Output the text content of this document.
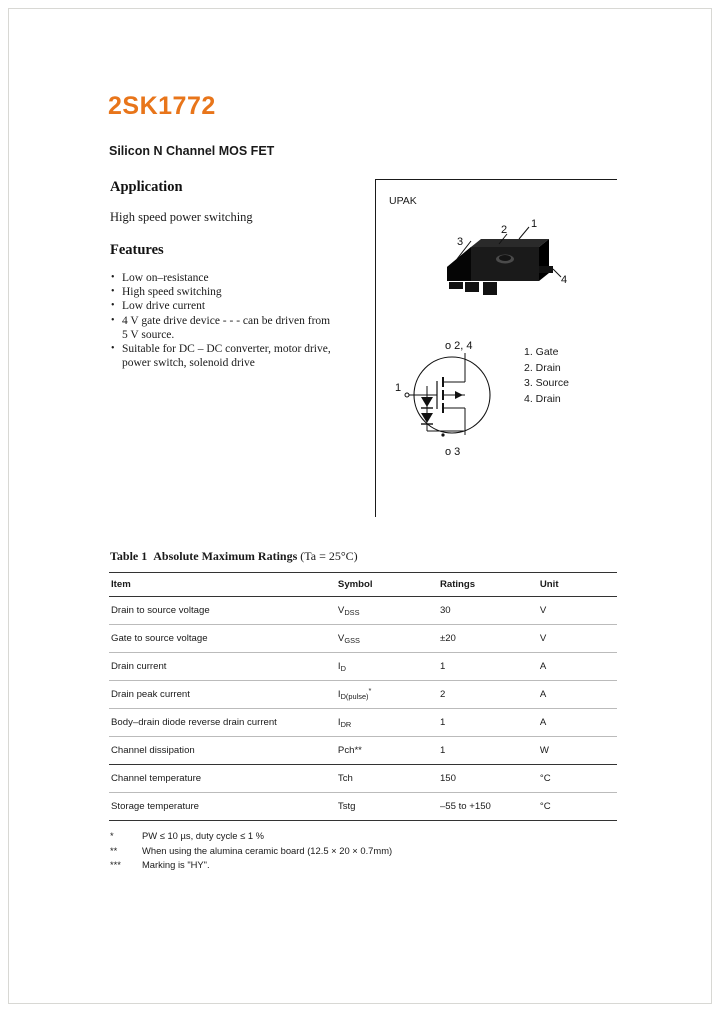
2SK1772
Silicon N Channel MOS FET
Application
High speed power switching
Features
• Low on–resistance
• High speed switching
• Low drive current
• 4 V gate drive device - - - can be driven from
5 V source.
• Suitable for DC – DC converter, motor drive,
power switch, solenoid drive
UPAK
1
2
3
4
ο 2, 4
1
ο 3
1. Gate
2. Drain
3. Source
4. Drain
Table 1 Absolute Maximum Ratings (Ta = 25°C)
Item	Symbol	Ratings	Unit
Drain to source voltage	$V_{DSS}$	30	V
Gate to source voltage	$V_{GSS}$	±20	V
Drain current	$I_D$	1	A
Drain peak current	$I_{D(pulse)}^*$	2	A
Body–drain diode reverse drain current	$I_{DR}$	1	A
Channel dissipation	Pch**	1	W
Channel temperature	Tch	150	°C
Storage temperature	Tstg	–55 to +150	°C
*	PW ≤ 10 µs, duty cycle ≤ 1 %
**	When using the alumina ceramic board (12.5 × 20 × 0.7mm)
***	Marking is "HY".
